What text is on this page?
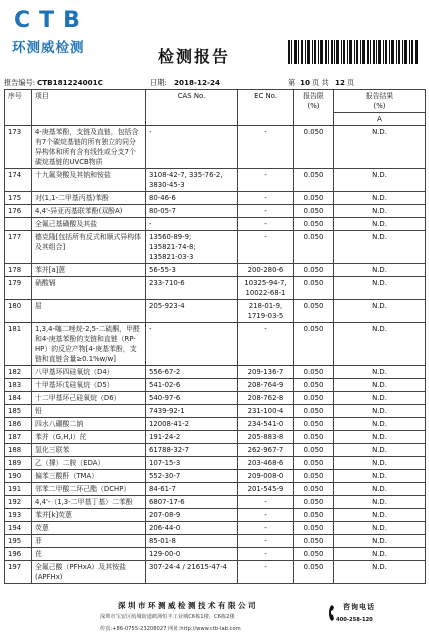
CTB
环测威检测	检测报告
报告编号: CTB181224001C	日期: 2018-12-24	第 10 页 共 12 页
序号	项目	CAS No.	EC No.	报告限
(%)	报告结果
(%)
					A
173	4-庚基苯酚，支链及直链，包括含有7个碳烷基链的所有独立的同分异构体和所有含有线性或分支7个碳烷基链的UVCB物质	-	-	0.050	N.D.
174	十九氟癸酸及其钠和铵盐	3108-42-7, 335-76-2,
3830-45-3	-	0.050	N.D.
175	对(1,1-二甲基丙基)苯酚	80-46-6	-	0.050	N.D.
176	4,4'-异亚丙基联苯酚(双酚A)	80-05-7	-	0.050	N.D.
	全氟己基磺酸及其盐	-	-	0.050	N.D.
177	德克隆[包括所有反式和顺式异构体及其组合]	13560-89-9;
135821-74-8;
135821-03-3	-	0.050	N.D.
178	苯并[a]蒽	56-55-3	200-280-6	0.050	N.D.
179	硝酸镉	233-710-6	10325-94-7,
10022-68-1	0.050	N.D.
180	屈	205-923-4	218-01-9,
1719-03-5	0.050	N.D.
181	1,3,4-噻二唑烷-2,5-二硫酮，甲醛和4-庚基苯酚的支链和直链（RP-HP）的反应产物[4-庚基苯酚，支链和直链含量≥0.1%w/w]	-	-	0.050	N.D.
182	八甲基环四硅氧烷（D4）	556-67-2	209-136-7	0.050	N.D.
183	十甲基环戊硅氧烷（D5）	541-02-6	208-764-9	0.050	N.D.
184	十二甲基环己硅氧烷（D6）	540-97-6	208-762-8	0.050	N.D.
185	铅	7439-92-1	231-100-4	0.050	N.D.
186	四水八硼酸二钠	12008-41-2	234-541-0	0.050	N.D.
187	苯并（G,H,I）芘	191-24-2	205-883-8	0.050	N.D.
188	氢化三联苯	61788-32-7	262-967-7	0.050	N.D.
189	乙（撑）二胺（EDA）	107-15-3	203-468-6	0.050	N.D.
190	偏苯三酸酐（TMA）	552-30-7	209-008-0	0.050	N.D.
191	邻苯二甲酸二环己酯（DCHP）	84-61-7	201-545-9	0.050	N.D.
192	4,4'-（1,3-二甲基丁基）二苯酚	6807-17-6	-	0.050	N.D.
193	苯并[k]荧蒽	207-08-9	-	0.050	N.D.
194	荧蒽	206-44-0	-	0.050	N.D.
195	菲	85-01-8	-	0.050	N.D.
196	芘	129-00-0	-	0.050	N.D.
197	全氟己酸（PFHxA）及其铵盐(APFHx)	307-24-4 / 21615-47-4	-	0.050	N.D.
深圳市环测威检测技术有限公司
深圳市宝安区航城街道鹤洲恒丰工业城C6栋1楼、C6栋2楼
传真:+86-0755-23208027 网址:http://www.ctb-lab.com
咨询电话
400-258-120
